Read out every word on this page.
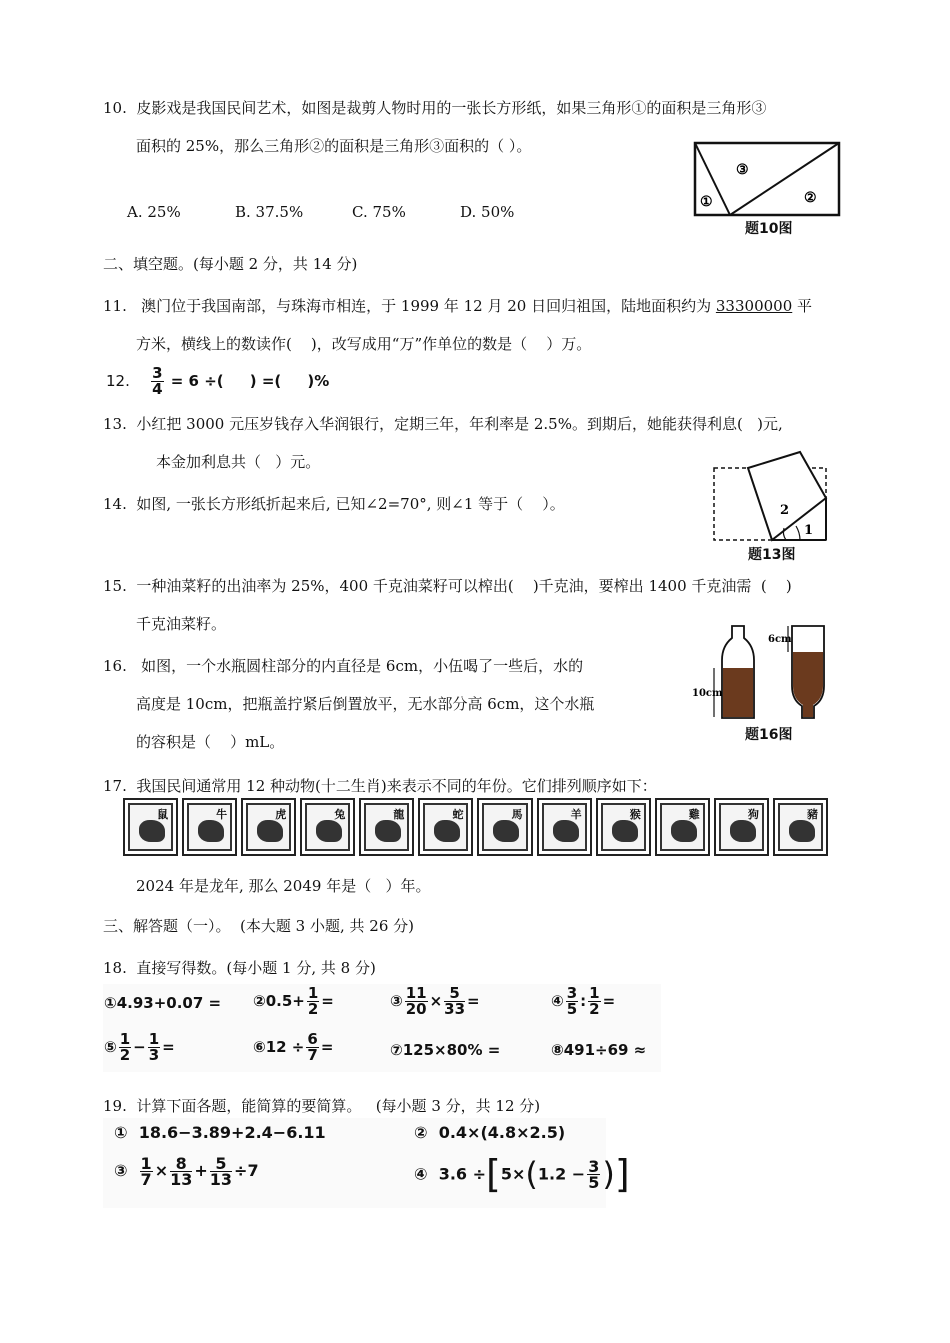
10.  皮影戏是我国民间艺术，如图是裁剪人物时用的一张长方形纸，如果三角形①的面积是三角形③
面积的 25%，那么三角形②的面积是三角形③面积的（ ）。
A. 25%	B. 37.5%	C. 75%	D. 50%
③
①	②
题10图
二、填空题。(每小题 2 分，共 14 分)
11.   澳门位于我国南部，与珠海市相连，于 1999 年 12 月 20 日回归祖国，陆地面积约为 33300000 平
方米，横线上的数读作(    )，改写成用“万”作单位的数是（    ）万。
12. $\frac{3}{4} = 6$ ÷(     ) =(     )%
13.  小红把 3000 元压岁钱存入华润银行，定期三年，年利率是 2.5%。到期后，她能获得利息(   )元,
本金加利息共（   ）元。
2
1
题13图
14.  如图, 一张长方形纸折起来后, 已知∠2=70°, 则∠1 等于（    ）。
15.  一种油菜籽的出油率为 25%，400 千克油菜籽可以榨出(    )千克油，要榨出 1400 千克油需  (    )
千克油菜籽。
16.   如图，一个水瓶圆柱部分的内直径是 6cm，小伍喝了一些后，水的
高度是 10cm，把瓶盖拧紧后倒置放平，无水部分高 6cm，这个水瓶
的容积是（    ）mL。
10cm
6cm
题16图
17.  我国民间通常用 12 种动物(十二生肖)来表示不同的年份。它们排列顺序如下：
鼠	牛	虎	兔	龍	蛇	馬	羊	猴	雞	狗	豬
2024 年是龙年, 那么 2049 年是（   ）年。
三、解答题（一）。  (本大题 3 小题, 共 26 分)
18.  直接写得数。(每小题 1 分, 共 8 分)
①4.93+0.07 = ②0.5+ $\frac{1}{2}$ =	③ $\frac{11}{20} \times \frac{5}{33}$ =	④ $\frac{3}{5}$ : $\frac{1}{2}$ =
⑤ $\frac{1}{2} - \frac{1}{3}$ =	⑥12 ÷ $\frac{6}{7}$ =	⑦125×80% =	⑧491÷69 ≈
19.  计算下面各题，能简算的要简算。   (每小题 3 分，共 12 分)
①  18.6−3.89+2.4−6.11	②  0.4×(4.8×2.5)
③ $\frac{1}{7} \times \frac{8}{13} + \frac{5}{13} \div 7$	④  $3.6 \div[5\times(1.2 - \frac{3}{5}$ )]
